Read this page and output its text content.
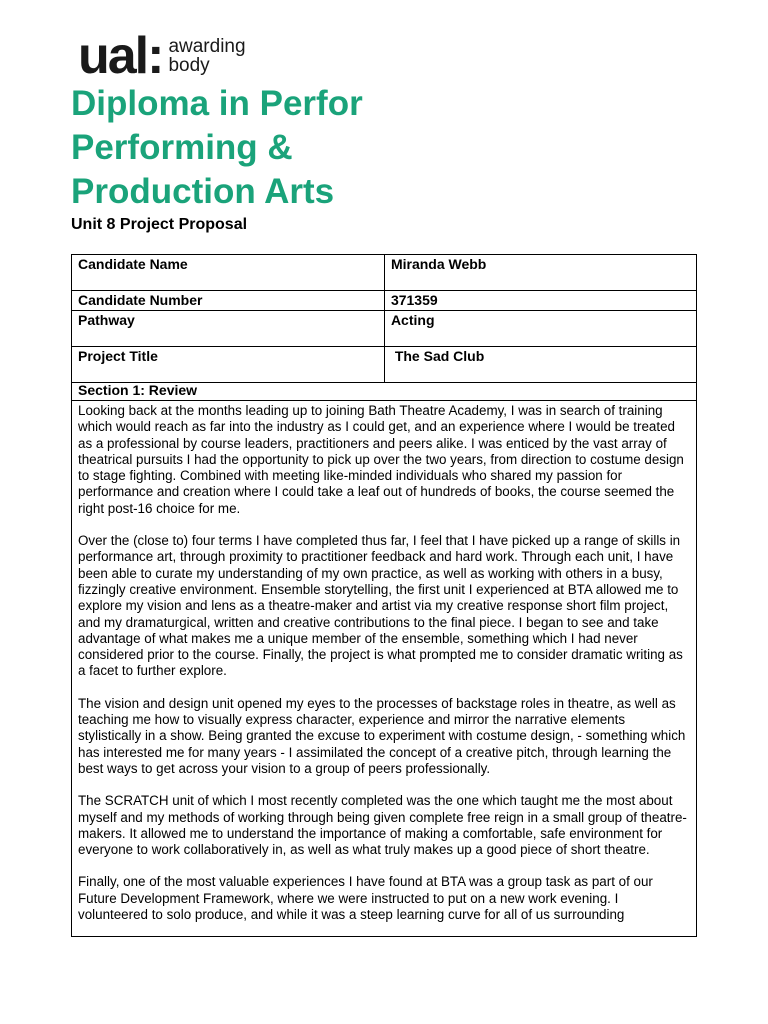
ual: awarding
body
Diploma in Perfor
Performing &
Production Arts
Unit 8 Project Proposal
Candidate Name	Miranda Webb
Candidate Number	371359
Pathway	Acting
Project Title	The Sad Club
Section 1: Review

Looking back at the months leading up to joining Bath Theatre Academy, I was in search of training which would reach as far into the industry as I could get, and an experience where I would be treated as a professional by course leaders, practitioners and peers alike. I was enticed by the vast array of theatrical pursuits I had the opportunity to pick up over the two years, from direction to costume design to stage fighting. Combined with meeting like-minded individuals who shared my passion for performance and creation where I could take a leaf out of hundreds of books, the course seemed the right post-16 choice for me.

Over the (close to) four terms I have completed thus far, I feel that I have picked up a range of skills in performance art, through proximity to practitioner feedback and hard work. Through each unit, I have been able to curate my understanding of my own practice, as well as working with others in a busy, fizzingly creative environment. Ensemble storytelling, the first unit I experienced at BTA allowed me to explore my vision and lens as a theatre-maker and artist via my creative response short film project, and my dramaturgical, written and creative contributions to the final piece. I began to see and take advantage of what makes me a unique member of the ensemble, something which I had never considered prior to the course. Finally, the project is what prompted me to consider dramatic writing as a facet to further explore.

The vision and design unit opened my eyes to the processes of backstage roles in theatre, as well as teaching me how to visually express character, experience and mirror the narrative elements stylistically in a show. Being granted the excuse to experiment with costume design, - something which has interested me for many years - I assimilated the concept of a creative pitch, through learning the best ways to get across your vision to a group of peers professionally.

The SCRATCH unit of which I most recently completed was the one which taught me the most about myself and my methods of working through being given complete free reign in a small group of theatre-makers. It allowed me to understand the importance of making a comfortable, safe environment for everyone to work collaboratively in, as well as what truly makes up a good piece of short theatre.

Finally, one of the most valuable experiences I have found at BTA was a group task as part of our Future Development Framework, where we were instructed to put on a new work evening. I volunteered to solo produce, and while it was a steep learning curve for all of us surrounding
